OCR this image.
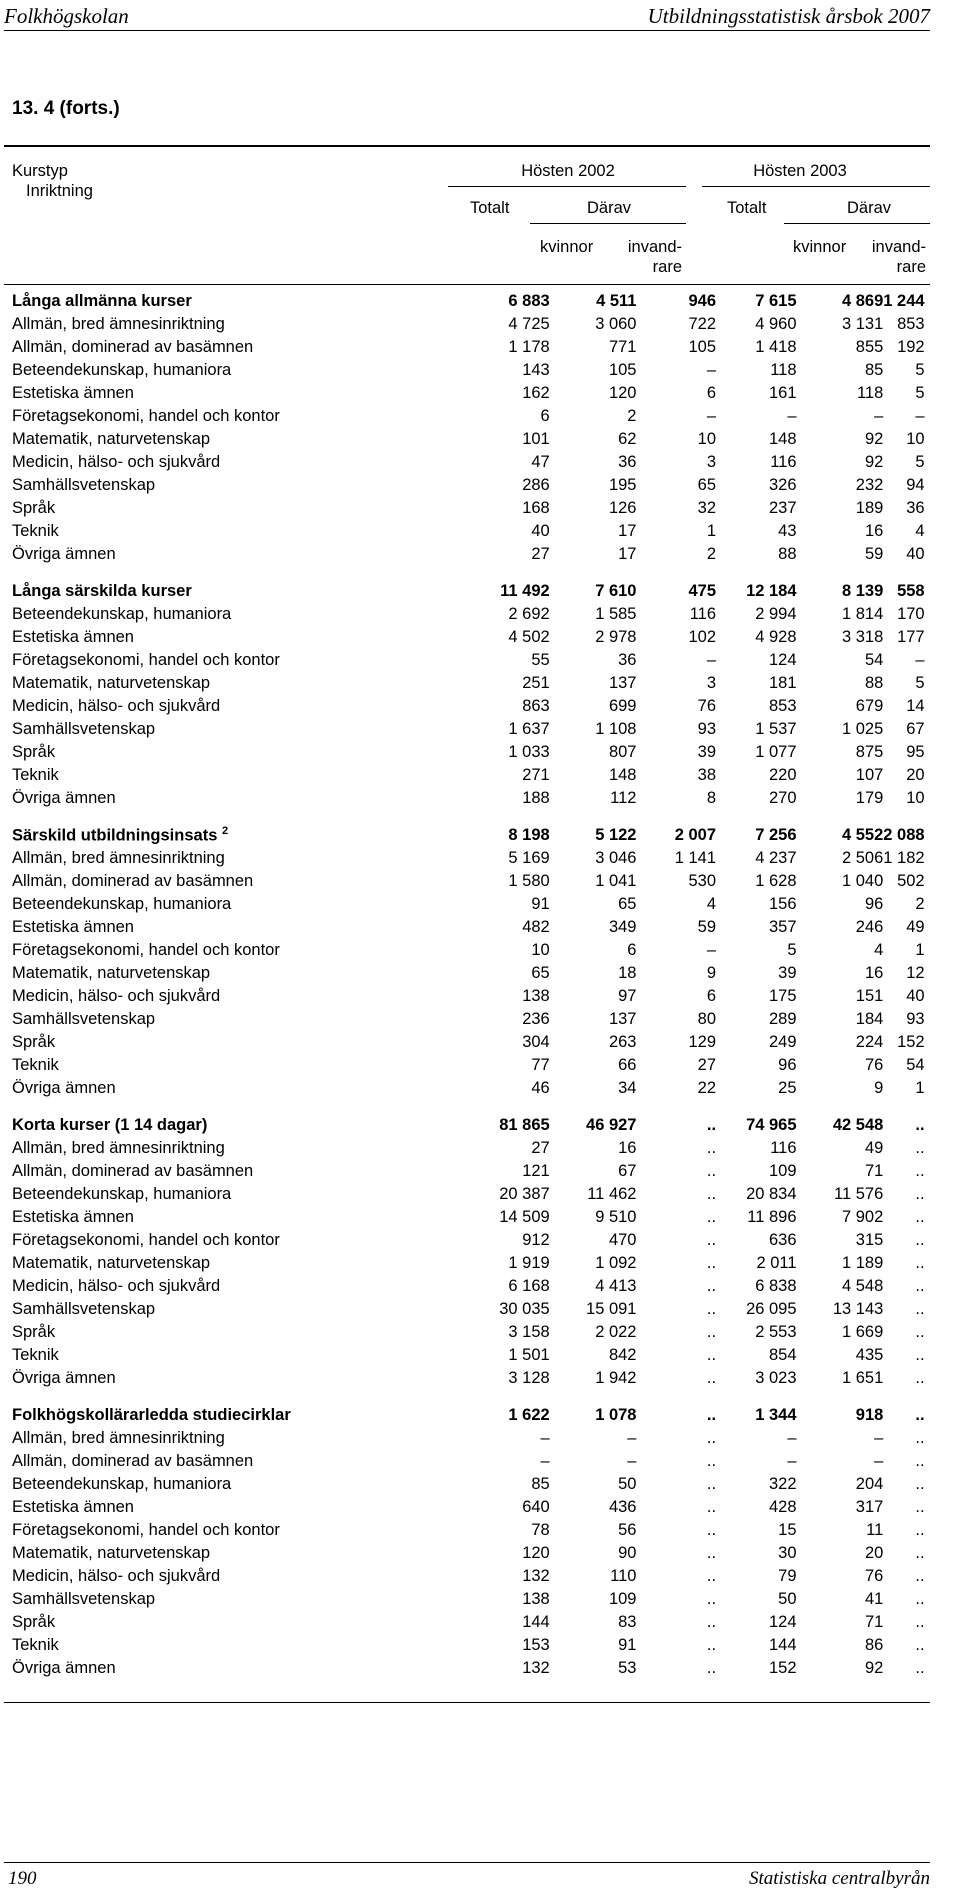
Folkhögskolan	Utbildningsstatistisk årsbok 2007
13. 4 (forts.)
Kurstyp
Inriktning
Hösten 2002	Hösten 2003
Totalt	Därav	Totalt	Därav
kvinnor	invand-
rare
kvinnor	invand-
rare
Långa allmänna kurser	6 883	4 511	946	7 615	4 869	1 244	
Allmän, bred ämnesinriktning	4 725	3 060	722	4 960	3 131	853	
Allmän, dominerad av basämnen	1 178	771	105	1 418	855	192	
Beteendekunskap, humaniora	143	105	–	118	85	5	
Estetiska ämnen	162	120	6	161	118	5	
Företagsekonomi, handel och kontor	6	2	–	–	–	–	
Matematik, naturvetenskap	101	62	10	148	92	10	
Medicin, hälso- och sjukvård	47	36	3	116	92	5	
Samhällsvetenskap	286	195	65	326	232	94	
Språk	168	126	32	237	189	36	
Teknik	40	17	1	43	16	4	
Övriga ämnen	27	17	2	88	59	40	

Långa särskilda kurser	11 492	7 610	475	12 184	8 139	558	
Beteendekunskap, humaniora	2 692	1 585	116	2 994	1 814	170	
Estetiska ämnen	4 502	2 978	102	4 928	3 318	177	
Företagsekonomi, handel och kontor	55	36	–	124	54	–	
Matematik, naturvetenskap	251	137	3	181	88	5	
Medicin, hälso- och sjukvård	863	699	76	853	679	14	
Samhällsvetenskap	1 637	1 108	93	1 537	1 025	67	
Språk	1 033	807	39	1 077	875	95	
Teknik	271	148	38	220	107	20	
Övriga ämnen	188	112	8	270	179	10	

Särskild utbildningsinsats $^2$	8 198	5 122	2 007	7 256	4 552	2 088	
Allmän, bred ämnesinriktning	5 169	3 046	1 141	4 237	2 506	1 182	
Allmän, dominerad av basämnen	1 580	1 041	530	1 628	1 040	502	
Beteendekunskap, humaniora	91	65	4	156	96	2	
Estetiska ämnen	482	349	59	357	246	49	
Företagsekonomi, handel och kontor	10	6	–	5	4	1	
Matematik, naturvetenskap	65	18	9	39	16	12	
Medicin, hälso- och sjukvård	138	97	6	175	151	40	
Samhällsvetenskap	236	137	80	289	184	93	
Språk	304	263	129	249	224	152	
Teknik	77	66	27	96	76	54	
Övriga ämnen	46	34	22	25	9	1	

Korta kurser (1 14 dagar)	81 865	46 927	..	74 965	42 548	..	
Allmän, bred ämnesinriktning	27	16	..	116	49	..	
Allmän, dominerad av basämnen	121	67	..	109	71	..	
Beteendekunskap, humaniora	20 387	11 462	..	20 834	11 576	..	
Estetiska ämnen	14 509	9 510	..	11 896	7 902	..	
Företagsekonomi, handel och kontor	912	470	..	636	315	..	
Matematik, naturvetenskap	1 919	1 092	..	2 011	1 189	..	
Medicin, hälso- och sjukvård	6 168	4 413	..	6 838	4 548	..	
Samhällsvetenskap	30 035	15 091	..	26 095	13 143	..	
Språk	3 158	2 022	..	2 553	1 669	..	
Teknik	1 501	842	..	854	435	..	
Övriga ämnen	3 128	1 942	..	3 023	1 651	..	

Folkhögskollärarledda studiecirklar	1 622	1 078	..	1 344	918	..	
Allmän, bred ämnesinriktning	–	–	..	–	–	..	
Allmän, dominerad av basämnen	–	–	..	–	–	..	
Beteendekunskap, humaniora	85	50	..	322	204	..	
Estetiska ämnen	640	436	..	428	317	..	
Företagsekonomi, handel och kontor	78	56	..	15	11	..	
Matematik, naturvetenskap	120	90	..	30	20	..	
Medicin, hälso- och sjukvård	132	110	..	79	76	..	
Samhällsvetenskap	138	109	..	50	41	..	
Språk	144	83	..	124	71	..	
Teknik	153	91	..	144	86	..	
Övriga ämnen	132	53	..	152	92	..	
190	Statistiska centralbyrån
